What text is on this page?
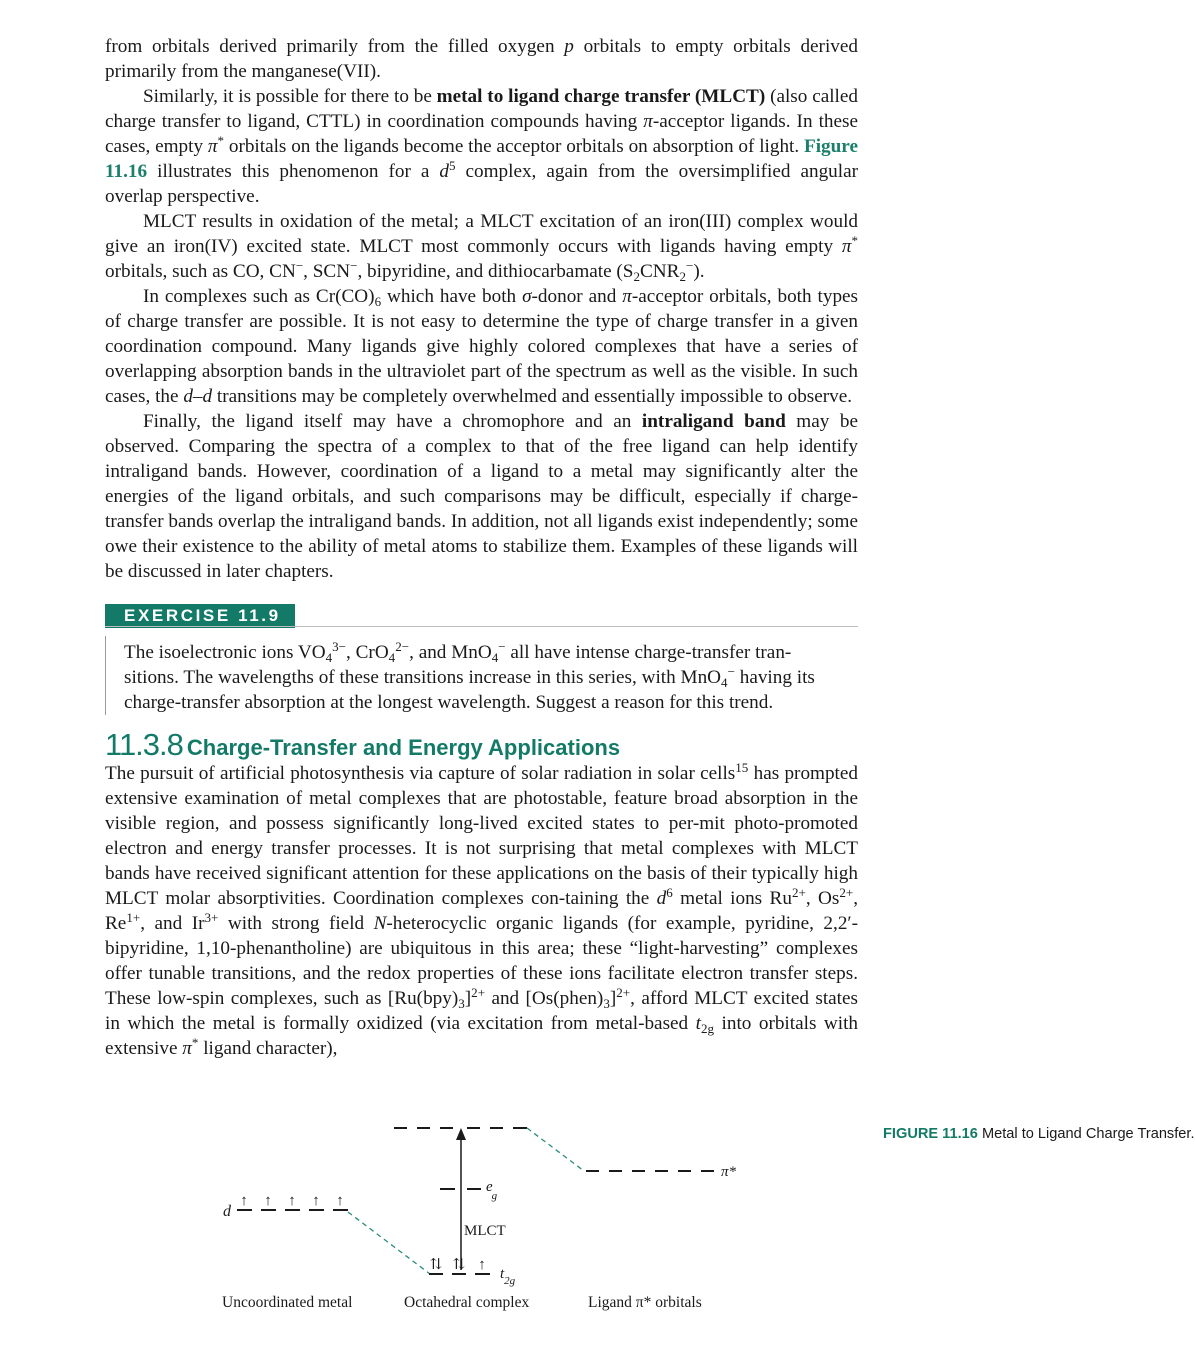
from orbitals derived primarily from the filled oxygen p orbitals to empty orbitals derived primarily from the manganese(VII).

Similarly, it is possible for there to be metal to ligand charge transfer (MLCT) (also called charge transfer to ligand, CTTL) in coordination compounds having π-acceptor ligands. In these cases, empty π* orbitals on the ligands become the acceptor orbitals on absorption of light. Figure 11.16 illustrates this phenomenon for a $d^5$ complex, again from the oversimplified angular overlap perspective.

MLCT results in oxidation of the metal; a MLCT excitation of an iron(III) complex would give an iron(IV) excited state. MLCT most commonly occurs with ligands having empty π* orbitals, such as CO, CN−, SCN−, bipyridine, and dithiocarbamate $(S_2CNR_2^-)$.

In complexes such as $Cr(CO)_6$ which have both σ-donor and π-acceptor orbitals, both types of charge transfer are possible. It is not easy to determine the type of charge transfer in a given coordination compound. Many ligands give highly colored complexes that have a series of overlapping absorption bands in the ultraviolet part of the spectrum as well as the visible. In such cases, the d–d transitions may be completely overwhelmed and essentially impossible to observe.

Finally, the ligand itself may have a chromophore and an intraligand band may be observed. Comparing the spectra of a complex to that of the free ligand can help identify intraligand bands. However, coordination of a ligand to a metal may significantly alter the energies of the ligand orbitals, and such comparisons may be difficult, especially if charge-transfer bands overlap the intraligand bands. In addition, not all ligands exist independently; some owe their existence to the ability of metal atoms to stabilize them. Examples of these ligands will be discussed in later chapters.

EXERCISE 11.9

The isoelectronic ions $VO_4^{3-}$, CrO$_4^{2-}$, and MnO$_4$− all have intense charge-transfer tran-sitions. The wavelengths of these transitions increase in this series, with MnO$_4$− having its charge-transfer absorption at the longest wavelength. Suggest a reason for this trend.

11.3.8 Charge-Transfer and Energy Applications

The pursuit of artificial photosynthesis via capture of solar radiation in solar cells$^{15}$ has prompted extensive examination of metal complexes that are photostable, feature broad absorption in the visible region, and possess significantly long-lived excited states to per-mit photo-promoted electron and energy transfer processes. It is not surprising that metal complexes with MLCT bands have received significant attention for these applications on the basis of their typically high MLCT molar absorptivities. Coordination complexes con-taining the $d^6$ metal ions $Ru^{2+}$, $Os^{2+}$, $Re^{1+}$, and $Ir^{3+}$ with strong field N-heterocyclic organic ligands (for example, pyridine, 2,2′-bipyridine, 1,10-phenantholine) are ubiquitous in this area; these “light-harvesting” complexes offer tunable transitions, and the redox properties of these ions facilitate electron transfer steps. These low-spin complexes, such as $[Ru(bpy)_3]^{2+}$ and $[Os(phen)_3]^{2+}$, afford MLCT excited states in which the metal is formally oxidized (via excitation from metal-based $t_{2g}$ into orbitals with extensive π* ligand character),

π*
MLCT
eg
d
↑ ↑ ↑ ↑ ↑
⇅ ⇅ ↑
$t_{2g}$
Uncoordinated metal	Octahedral complex	Ligand π* orbitals
FIGURE 11.16 Metal to Ligand Charge Transfer.
